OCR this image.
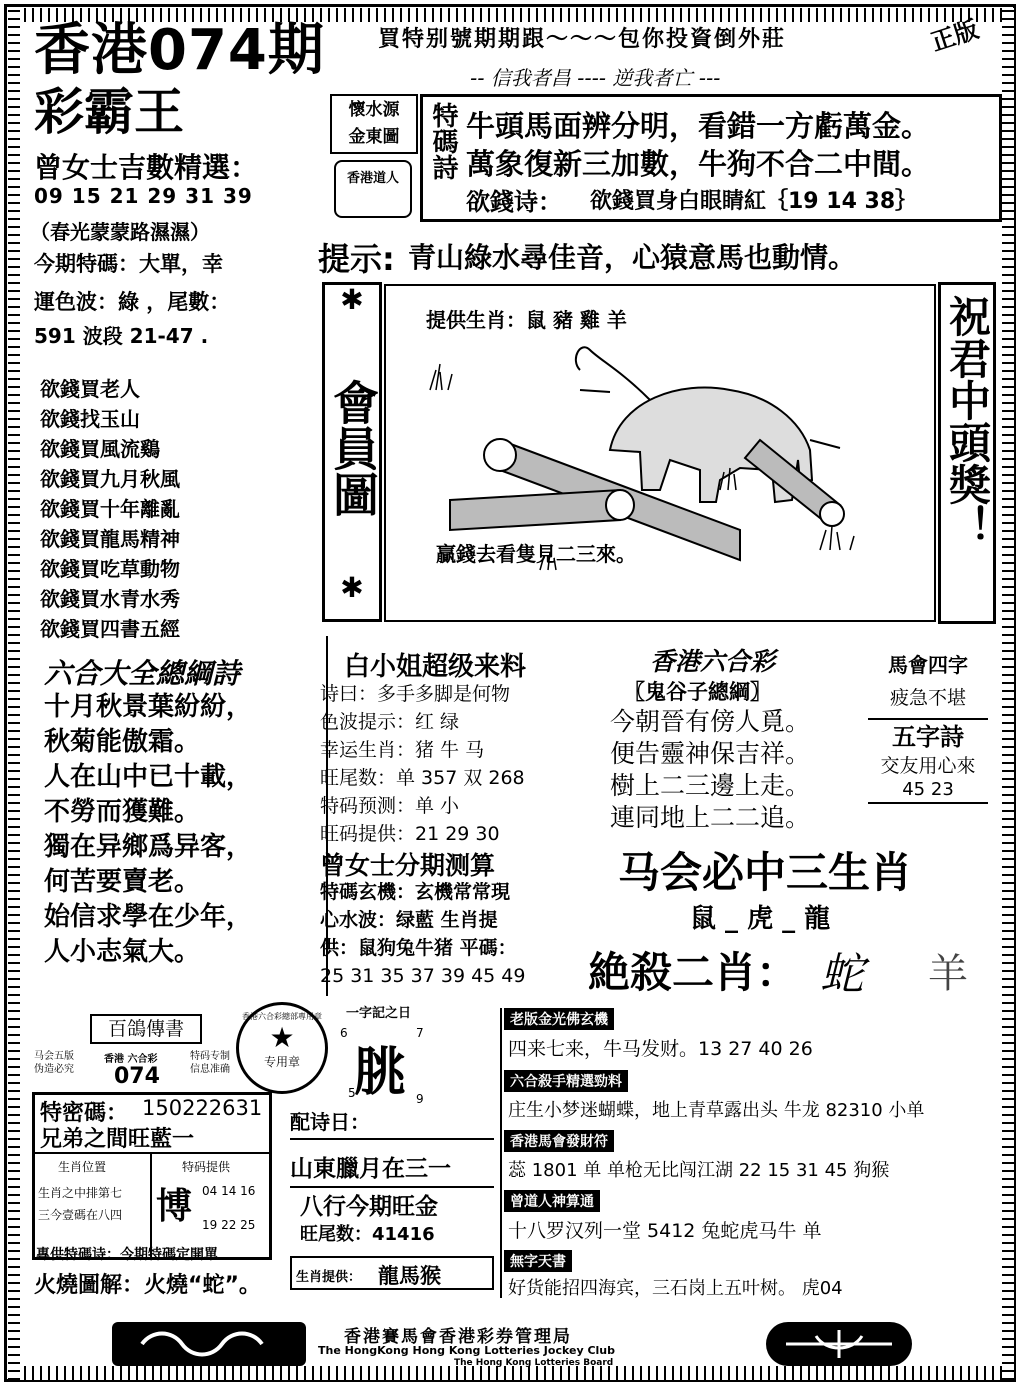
香港074期 買特别號期期跟～～～包你投資倒外莊	正版
-- 信我者昌 ---- 逆我者亡 ---
彩霸王
曾女士吉數精選：
09 15 21 29 31 39
（春光蒙蒙路濕濕）
今期特碼：大單，幸
運色波：綠 ，尾數：
591 波段 21-47 .
欲錢買老人
欲錢找玉山
欲錢買風流鷄
欲錢買九月秋風
欲錢買十年離亂
欲錢買龍馬精神
欲錢買吃草動物
欲錢買水青水秀
欲錢買四書五經
懷水源
金東圖
香港道人	特碼詩 牛頭馬面辨分明，看錯一方虧萬金。
萬象復新三加數，牛狗不合二中間。
欲錢诗： 欲錢買身白眼睛紅｛19 14 38｝
提示: 青山綠水尋佳音，心猿意馬也動情。
✱
會員圖
✱
提供生肖：鼠 豬 雞 羊
贏錢去看隻見二三來。
祝君中頭獎！
六合大全總綱詩
十月秋景葉紛紛，
秋菊能傲霜。
人在山中已十載，
不勞而獲難。
獨在异鄉爲异客，
何苦要賣老。
始信求學在少年，
人小志氣大。
白小姐超级来料
诗曰：多手多脚是何物
色波提示：红 绿
幸运生肖：猪 牛 马
旺尾数：单 357 双 268
特码预测：单 小
旺码提供：21 29 30
曾女士分期测算
特碼玄機：玄機常常現
心水波：绿藍 生肖提
供：鼠狗兔牛猪 平碼：
25 31 35 37 39 45 49
香港六合彩
〖鬼谷子總綱〗
今朝晉有傍人覓。
便告靈神保吉祥。
樹上二三邊上走。
連同地上二二追。
馬會四字
疲急不堪
五字詩
交友用心來
45 23
马会必中三生肖
鼠 _ 虎 _ 龍
絶殺二肖： 蛇 羊
百鴿傳書
马会五版
伪造必究
香港 六合彩	特码专制
信息准确
074
香港六合彩總部專用章
★
专用章
特密碼： 150222631
兄弟之間旺藍一
生肖位置
生肖之中排第七
三今壹碼在八四
特码提供
博 04 14 16
19 22 25
專供特碼诗：今期特碼定開單
火燒圖解：火燒“蛇”。
一字記之日
6	7
朓
5	9
配诗日：
山東臘月在三一
八行今期旺金
旺尾数：41416
生肖提供： 龍馬猴
老版金光佛玄機
四来七来，牛马发财。13 27 40 26
六合殺手精選勁料
庄生小梦迷蝴蝶，地上青草露出头 牛龙 82310 小单
香港馬會發財符
蕊 1801 单 单枪无比闯江湖 22 15 31 45 狗猴
曾道人神算通
十八罗汉列一堂 5412 兔蛇虎马牛 单
無字天書
好货能招四海宾，三石岗上五叶树。 虎04
香港賽馬會香港彩券管理局
The HongKong Hong Kong Lotteries Jockey Club
The Hong Kong Lotteries Board
